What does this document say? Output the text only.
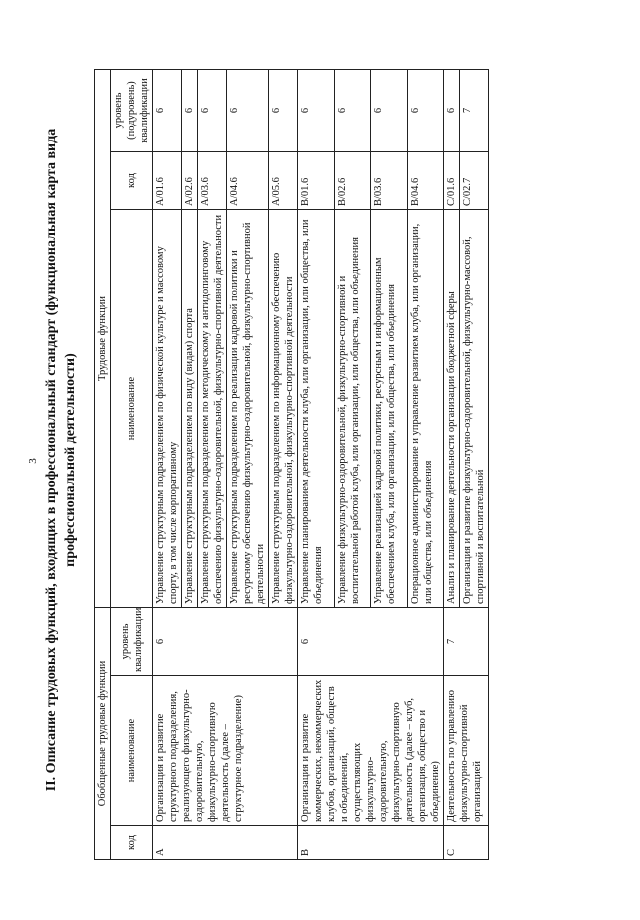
3 II. Описание трудовых функций, входящих в профессиональный стандарт (функциональная карта вида профессиональной деятельности)
Обобщенные трудовые функции			Трудовые функции		
код	наименование	уровень квалификации	наименование	код	уровень (подуровень) квалификации
A	Организация и развитие структурного подразделения, реализующего физкультурно-оздоровительную, физкультурно-спортивную деятельность (далее – структурное подразделение)	6	Управление структурным подразделением по физической культуре и массовому спорту, в том числе корпоративному	A/01.6	6
			Управление структурным подразделением по виду (видам) спорта	A/02.6	6
			Управление структурным подразделением по методическому и антидопинговому обеспечению физкультурно-оздоровительной, физкультурно-спортивной деятельности	A/03.6	6
			Управление структурным подразделением по реализации кадровой политики и ресурсному обеспечению физкультурно-оздоровительной, физкультурно-спортивной деятельности	A/04.6	6
			Управление структурным подразделением по информационному обеспечению физкультурно-оздоровительной, физкультурно-спортивной деятельности	A/05.6	6
B	Организация и развитие коммерческих, некоммерческих клубов, организаций, обществ и объединений, осуществляющих физкультурно-оздоровительную, физкультурно-спортивную деятельность (далее – клуб, организация, общество и объединение)	6	Управление планированием деятельности клуба, или организации, или общества, или объединения	B/01.6	6
			Управление физкультурно-оздоровительной, физкультурно-спортивной и воспитательной работой клуба, или организации, или общества, или объединения	B/02.6	6
			Управление реализацией кадровой политики, ресурсным и информационным обеспечением клуба, или организации, или общества, или объединения	B/03.6	6
			Операционное администрирование и управление развитием клуба, или организации, или общества, или объединения	B/04.6	6
C	Деятельность по управлению физкультурно-спортивной организацией	7	Анализ и планирование деятельности организации бюджетной сферы	C/01.6	6
			Организация и развитие физкультурно-оздоровительной, физкультурно-массовой, спортивной и воспитательной	C/02.7	7
